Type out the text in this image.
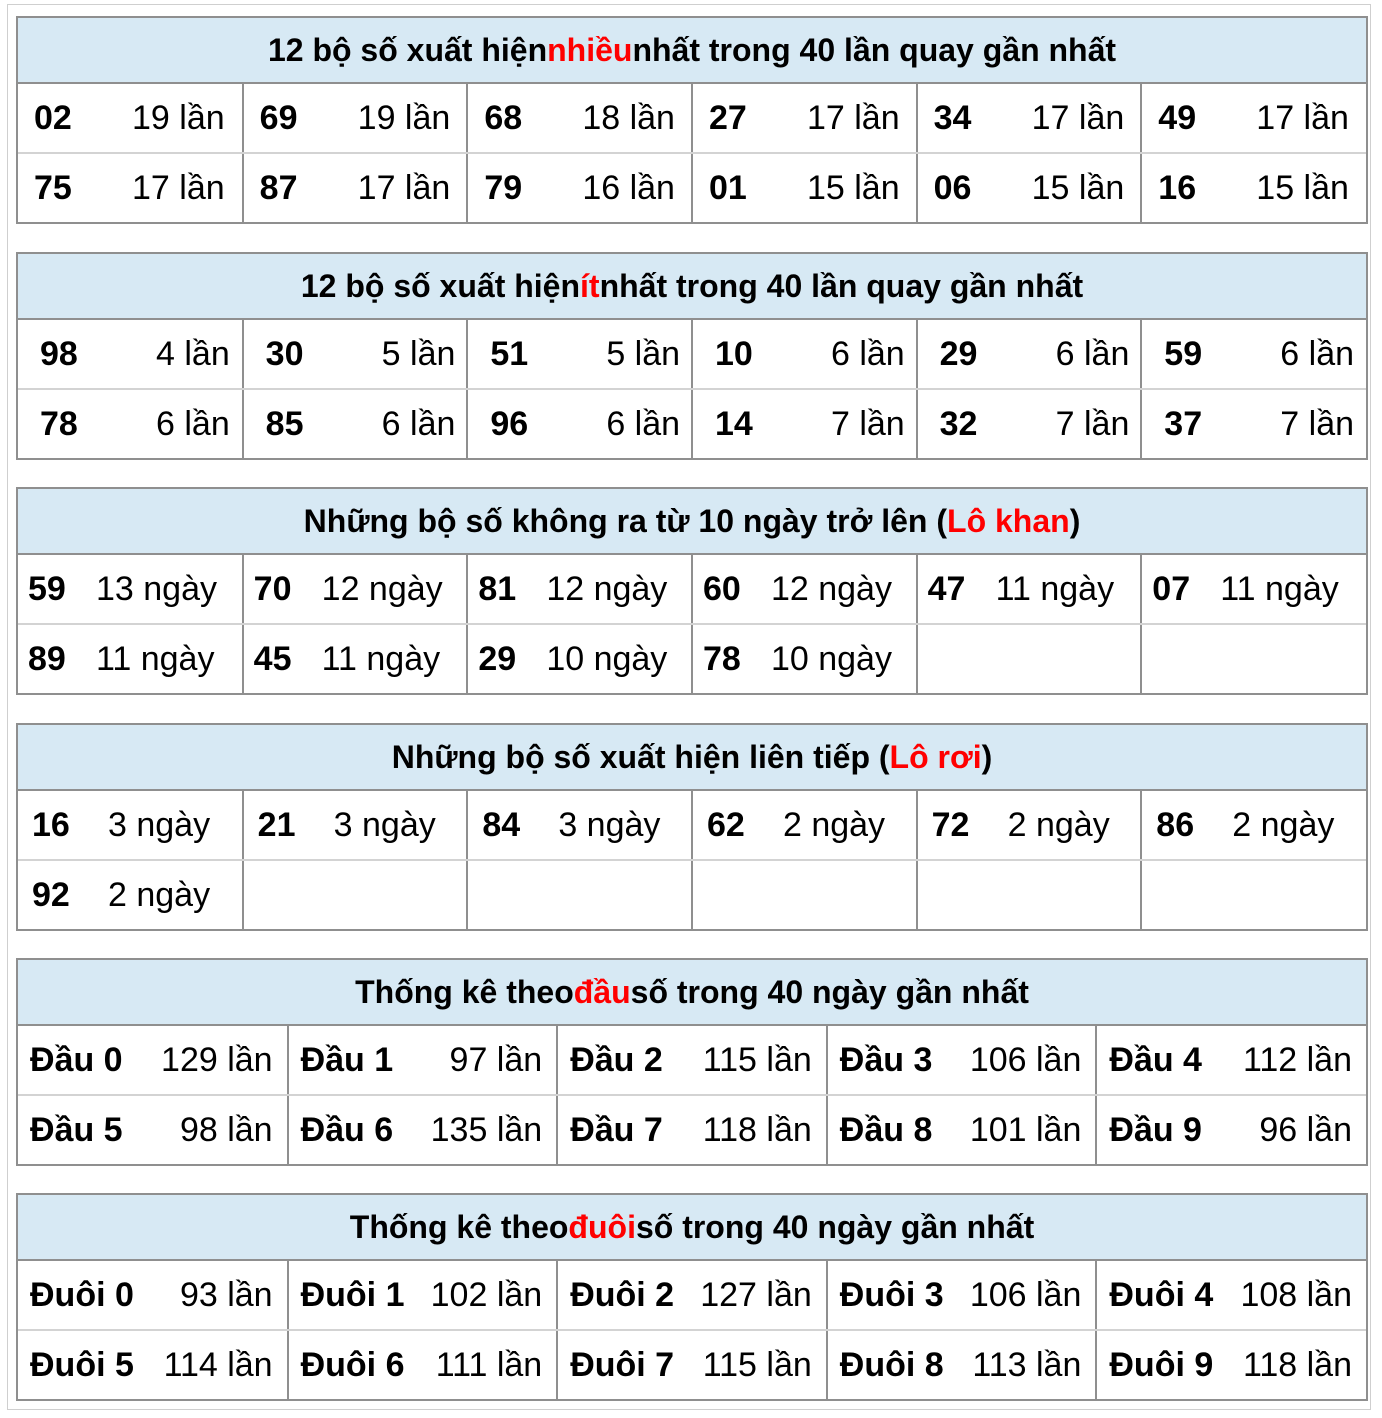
12 bộ số xuất hiện nhiều nhất trong 40 lần quay gần nhất
02 19 lần	69 19 lần	68 18 lần	27 17 lần	34 17 lần	49 17 lần

75 17 lần	87 17 lần	79 16 lần	01 15 lần	06 15 lần	16 15 lần
12 bộ số xuất hiện ít nhất trong 40 lần quay gần nhất
98 4 lần	30 5 lần	51 5 lần	10 6 lần	29 6 lần	59 6 lần

78 6 lần	85 6 lần	96 6 lần	14 7 lần	32 7 lần	37 7 lần
Những bộ số không ra từ 10 ngày trở lên ( Lô khan )
59 13 ngày	70 12 ngày	81 12 ngày	60 12 ngày	47 11 ngày	07 11 ngày

89 11 ngày	45 11 ngày	29 10 ngày	78 10 ngày		

Những bộ số xuất hiện liên tiếp ( Lô rơi )
16 3 ngày	21 3 ngày	84 3 ngày	62 2 ngày	72 2 ngày	86 2 ngày

92 2 ngày					

Thống kê theo đầu số trong 40 ngày gần nhất
Đầu 0 129 lần	Đầu 1 97 lần	Đầu 2 115 lần	Đầu 3 106 lần	Đầu 4 112 lần

Đầu 5 98 lần	Đầu 6 135 lần	Đầu 7 118 lần	Đầu 8 101 lần	Đầu 9 96 lần
Thống kê theo đuôi số trong 40 ngày gần nhất
Đuôi 0 93 lần	Đuôi 1 102 lần	Đuôi 2 127 lần	Đuôi 3 106 lần	Đuôi 4 108 lần

Đuôi 5 114 lần	Đuôi 6 111 lần	Đuôi 7 115 lần	Đuôi 8 113 lần	Đuôi 9 118 lần
